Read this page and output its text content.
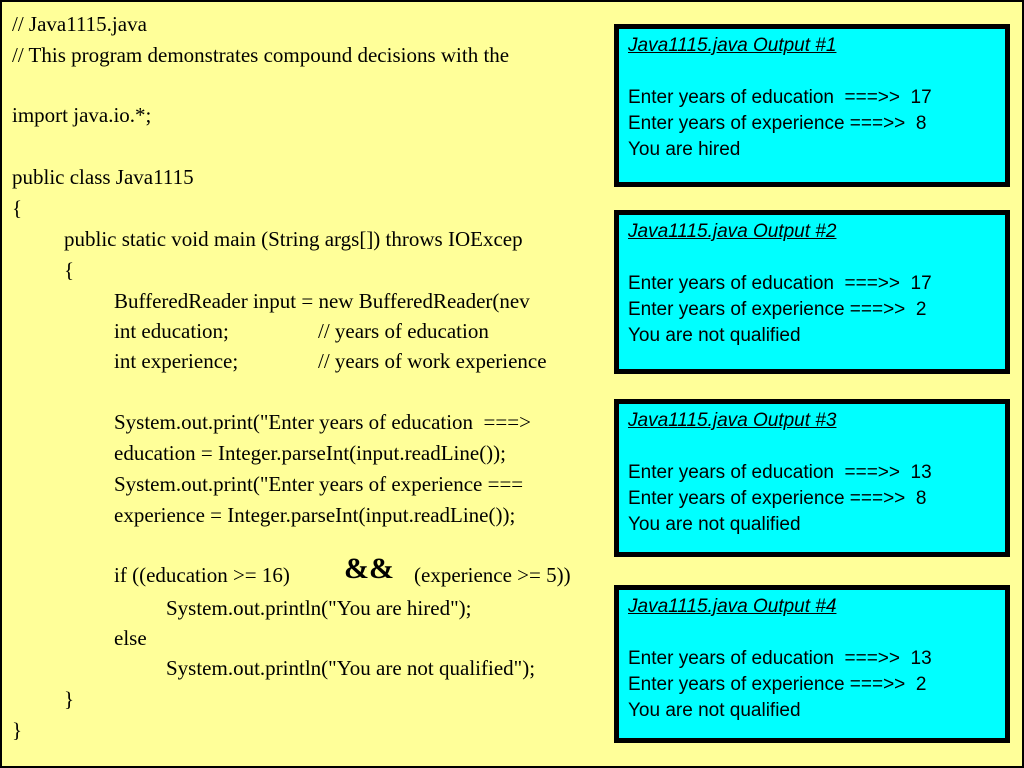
// Java1115.java
// This program demonstrates compound decisions with the
import java.io.*;
public class Java1115
{
public static void main (String args[]) throws IOExcep
{
BufferedReader input = new BufferedReader(nev
int education;	// years of education
int experience;	// years of work experience
System.out.print("Enter years of education  ===>
education = Integer.parseInt(input.readLine());
System.out.print("Enter years of experience ===
experience = Integer.parseInt(input.readLine());
if ((education >= 16) && (experience >= 5))
System.out.println("You are hired");
else
System.out.println("You are not qualified");
}
}
Java1115.java Output #1
Enter years of education  ===>>  17
Enter years of experience ===>>  8
You are hired
Java1115.java Output #2
Enter years of education  ===>>  17
Enter years of experience ===>>  2
You are not qualified
Java1115.java Output #3
Enter years of education  ===>>  13
Enter years of experience ===>>  8
You are not qualified
Java1115.java Output #4
Enter years of education  ===>>  13
Enter years of experience ===>>  2
You are not qualified
